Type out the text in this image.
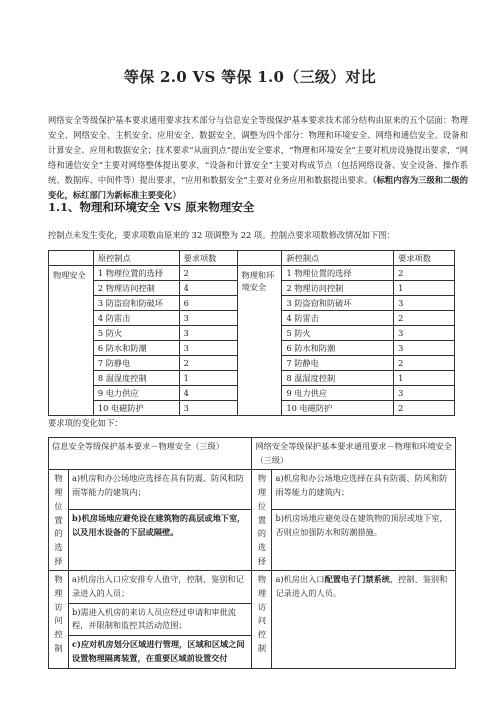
等保 2.0 VS 等保 1.0（三级）对比
网络安全等级保护基本要求通用要求技术部分与信息安全等级保护基本要求技术部分结构由原来的五个层面：物理安全、网络安全、主机安全、应用安全、数据安全，调整为四个部分：物理和环境安全、网络和通信安全、设备和计算安全、应用和数据安全；技术要求“从面到点”提出安全要求，“物理和环境安全”主要对机房设施提出要求，“网络和通信安全”主要对网络整体提出要求，“设备和计算安全”主要对构成节点（包括网络设备、安全设备、操作系统、数据库、中间件等）提出要求，“应用和数据安全”主要对业务应用和数据提出要求。（标粗内容为三级和二级的变化，标红部门为新标准主要变化）
1.1、物理和环境安全 VS 原来物理安全
控制点未发生变化，要求项数由原来的 32 项调整为 22 项。控制点要求项数修改情况如下图：
	原控制点	要求项数		新控制点	要求项数
物理安全	1 物理位置的选择	2	物理和环境安全	1 物理位置的选择	2
	2 物理访问控制	4		2 物理访问控制	1
	3 防盗窃和防破坏	6		3 防盗窃和防破坏	3
	4 防雷击	3		4 防雷击	2
	5 防火	3		5 防火	3
	6 防水和防潮	3		6 防水和防潮	3
	7 防静电	2		7 防静电	2
	8 温湿度控制	1		8 温湿度控制	1
	9 电力供应	4		9 电力供应	3
	10 电磁防护	3		10 电磁防护	2
要求项的变化如下：
信息安全等级保护基本要求－物理安全（三级）		网络安全等级保护基本要求通用要求－物理和环境安全（三级）	
物理位置的选择	a)机房和办公场地应选择在具有防震、防风和防雨等能力的建筑内；	物理位置的选择	a)机房和办公场地应选择在具有防震、防风和防雨等能力的建筑内；
	b)机房场地应避免设在建筑物的高层或地下室，以及用水设备的下层或隔壁。		b)机房场地应避免设在建筑物的顶层或地下室，否则应加强防水和防潮措施。
物理访问控制	a)机房出入口应安排专人值守，控制、鉴别和记录进入的人员；	物理访问控制	a)机房出入口配置电子门禁系统，控制、鉴别和记录进入的人员。
	b)需进入机房的来访人员应经过申请和审批流程，并限制和监控其活动范围；		
	c)应对机房划分区域进行管理，区域和区域之间设置物理隔离装置，在重要区域前设置交付		
